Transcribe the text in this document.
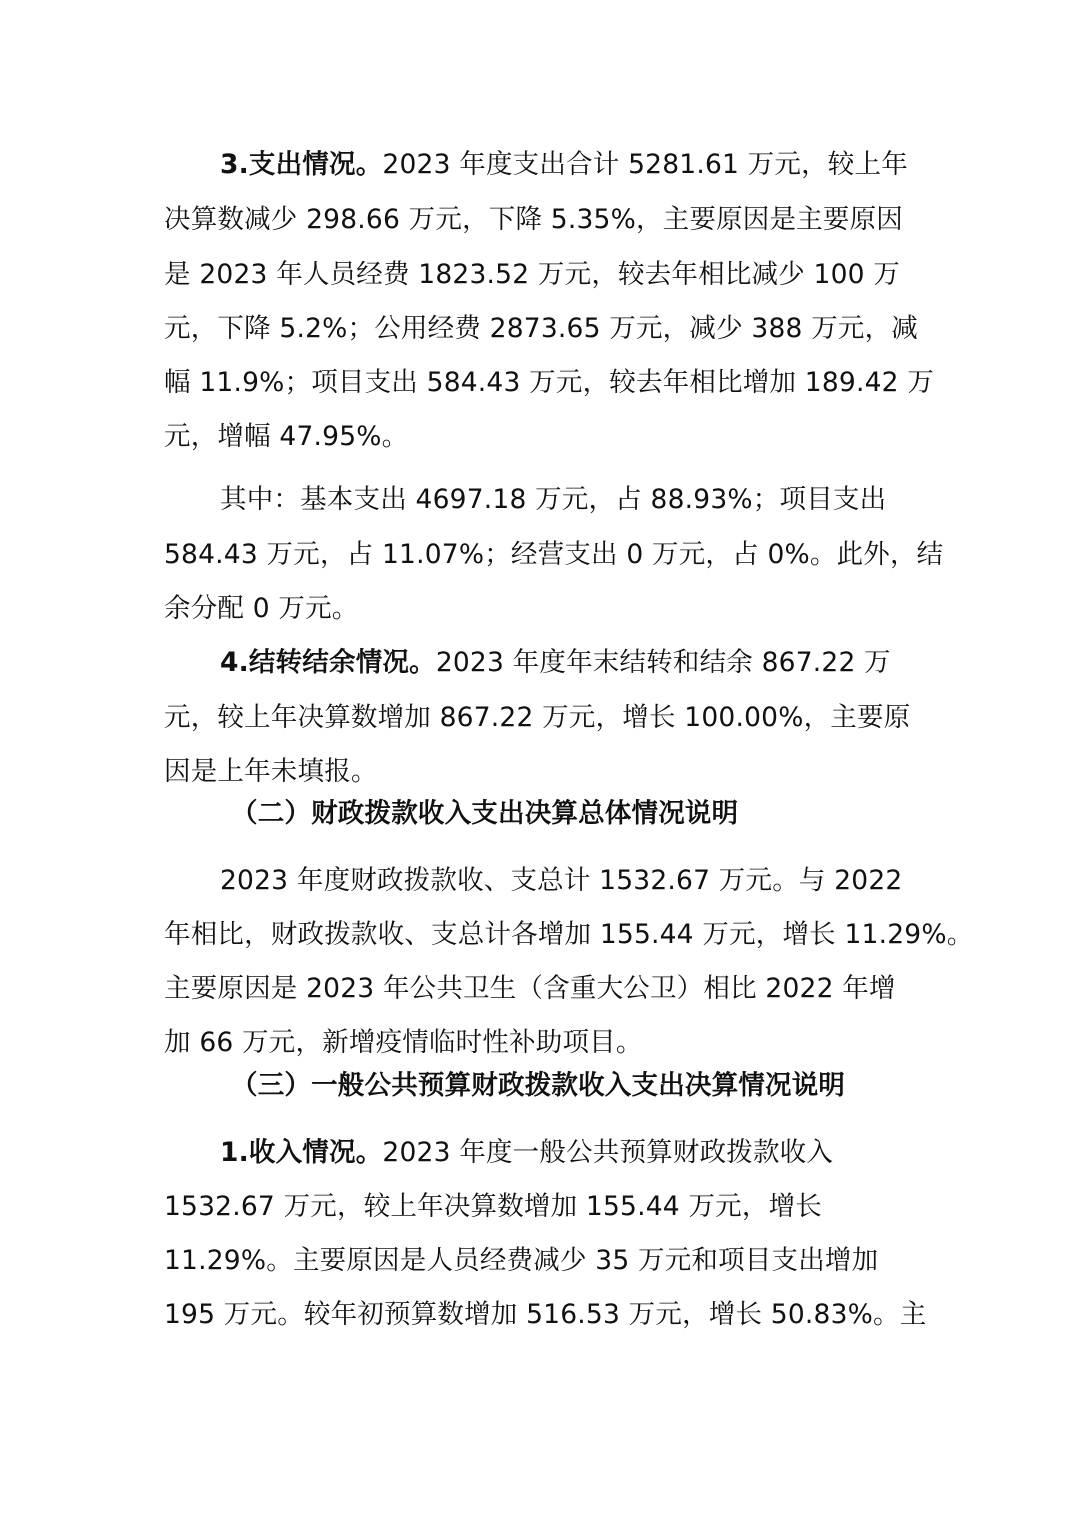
3.支出情况。2023 年度支出合计 5281.61 万元，较上年
决算数减少 298.66 万元，下降 5.35%，主要原因是主要原因
是 2023 年人员经费 1823.52 万元，较去年相比减少 100 万
元，下降 5.2%；公用经费 2873.65 万元，减少 388 万元，减
幅 11.9%；项目支出 584.43 万元，较去年相比增加 189.42 万
元，增幅 47.95%。
其中：基本支出 4697.18 万元，占 88.93%；项目支出
584.43 万元，占 11.07%；经营支出 0 万元，占 0%。此外，结
余分配 0 万元。
4.结转结余情况。2023 年度年末结转和结余 867.22 万
元，较上年决算数增加 867.22 万元，增长 100.00%，主要原
因是上年未填报。
（二）财政拨款收入支出决算总体情况说明
2023 年度财政拨款收、支总计 1532.67 万元。与 2022
年相比，财政拨款收、支总计各增加 155.44 万元，增长 11.29%。
主要原因是 2023 年公共卫生（含重大公卫）相比 2022 年增
加 66 万元，新增疫情临时性补助项目。
（三）一般公共预算财政拨款收入支出决算情况说明
1.收入情况。2023 年度一般公共预算财政拨款收入
1532.67 万元，较上年决算数增加 155.44 万元，增长
11.29%。主要原因是人员经费减少 35 万元和项目支出增加
195 万元。较年初预算数增加 516.53 万元，增长 50.83%。主
